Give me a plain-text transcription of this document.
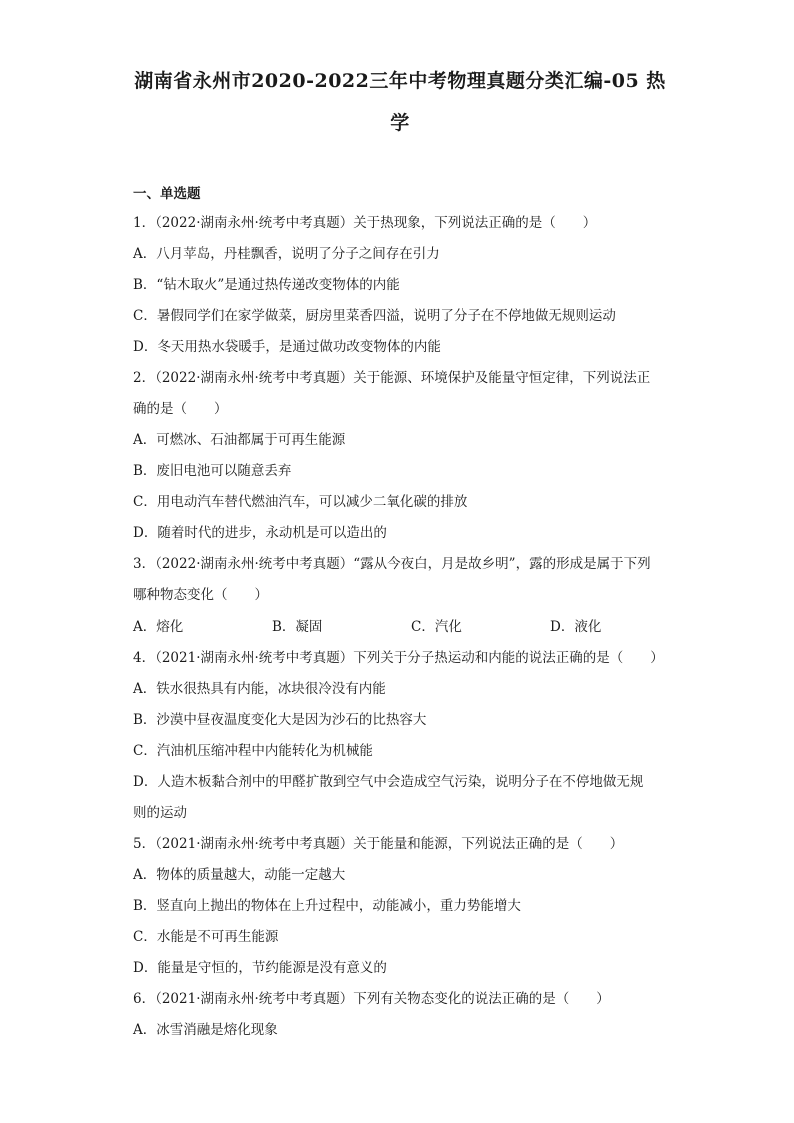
湖南省永州市2020-2022三年中考物理真题分类汇编-05 热
学
一、单选题
1．（2022·湖南永州·统考中考真题）关于热现象，下列说法正确的是（　　）
A．八月苹岛，丹桂飘香，说明了分子之间存在引力
B．“钻木取火”是通过热传递改变物体的内能
C．暑假同学们在家学做菜，厨房里菜香四溢，说明了分子在不停地做无规则运动
D．冬天用热水袋暖手，是通过做功改变物体的内能
2．（2022·湖南永州·统考中考真题）关于能源、环境保护及能量守恒定律，下列说法正
确的是（　　）
A．可燃冰、石油都属于可再生能源
B．废旧电池可以随意丢弃
C．用电动汽车替代燃油汽车，可以减少二氧化碳的排放
D．随着时代的进步，永动机是可以造出的
3．（2022·湖南永州·统考中考真题）“露从今夜白，月是故乡明”，露的形成是属于下列
哪种物态变化（　　）
A．熔化	B．凝固	C．汽化	D．液化
4．（2021·湖南永州·统考中考真题）下列关于分子热运动和内能的说法正确的是（　　）
A．铁水很热具有内能，冰块很冷没有内能
B．沙漠中昼夜温度变化大是因为沙石的比热容大
C．汽油机压缩冲程中内能转化为机械能
D．人造木板黏合剂中的甲醛扩散到空气中会造成空气污染，说明分子在不停地做无规
则的运动
5．（2021·湖南永州·统考中考真题）关于能量和能源，下列说法正确的是（　　）
A．物体的质量越大，动能一定越大
B．竖直向上抛出的物体在上升过程中，动能减小，重力势能增大
C．水能是不可再生能源
D．能量是守恒的，节约能源是没有意义的
6．（2021·湖南永州·统考中考真题）下列有关物态变化的说法正确的是（　　）
A．冰雪消融是熔化现象
